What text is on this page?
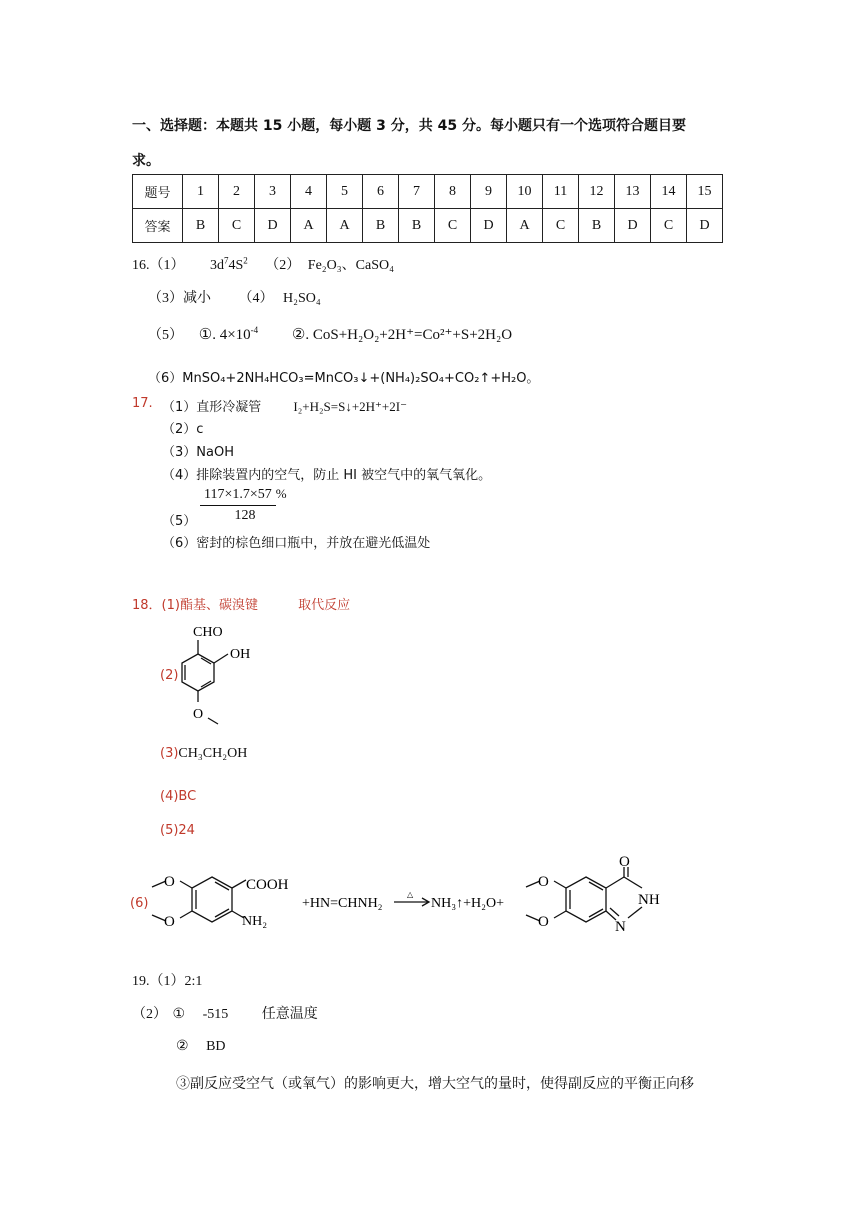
一、选择题：本题共 15 小题，每小题 3 分，共 45 分。每小题只有一个选项符合题目要
求。
题号	1	2	3	4	5	6	7	8	9	10	11	12	13	14	15
答案	B	C	D	A	A	B	B	C	D	A	C	B	D	C	D
16.（1） $3d^74S^2$ （2） Fe₂O₃、CaSO₄
（3）减小 （4） H₂SO₄
（5） ①. $4\times 10^{-4}$ ②. CoS+H₂O₂+2H⁺=Co²⁺+S+2H₂O
（6）MnSO₄+2NH₄HCO₃=MnCO₃↓+(NH₄)₂SO₄+CO₂↑+H₂O。
17. （1）直形冷凝管 I₂+H₂S=S↓+2H⁺+2I⁻
（2）c
（3）NaOH
（4）排除装置内的空气，防止 HI 被空气中的氧气氧化。
（5）
117×1.7×57 %
128
（6）密封的棕色细口瓶中，并放在避光低温处
18．(1)酯基、碳溴键	取代反应
(2)
CHO
OH
O
(3)CH₃CH₂OH
(4)BC
(5)24
(6)
O
O
COOH
NH₂
+HN=CHNH₂
△
NH₃↑+H₂O+
O
O
O
NH
N
19.（1）2:1
（2） ① -515 任意温度
② BD
③副反应受空气（或氧气）的影响更大，增大空气的量时，使得副反应的平衡正向移
